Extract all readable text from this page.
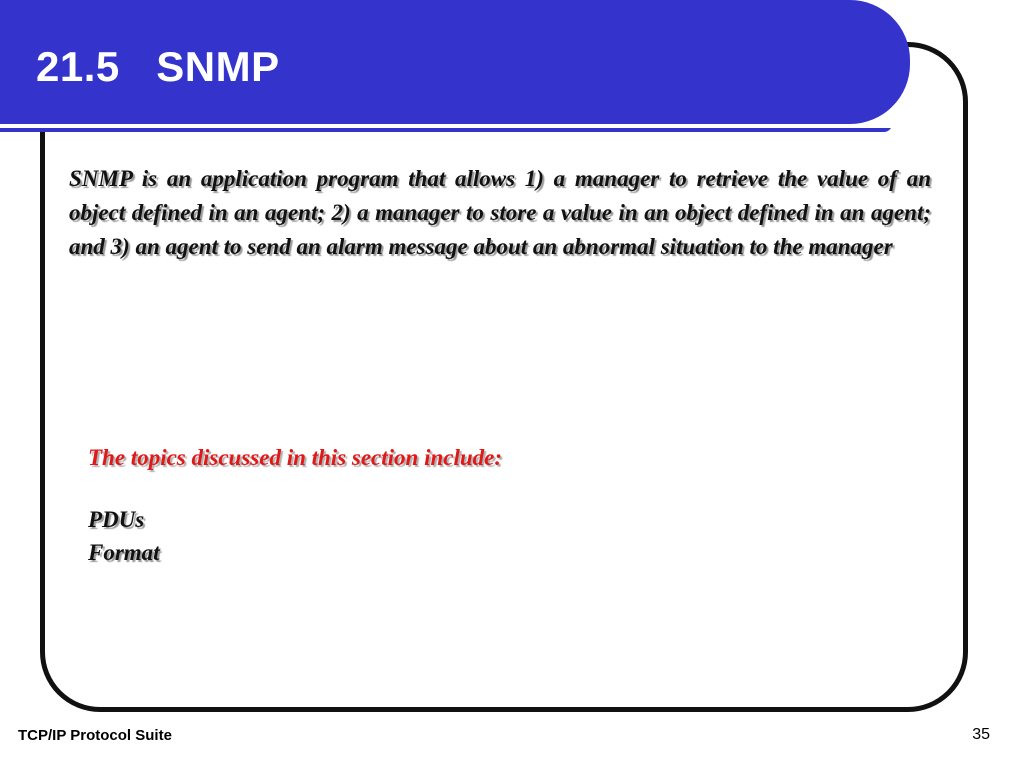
21.5   SNMP

SNMP is an application program that allows 1) a manager to retrieve the value of an object defined in an agent; 2) a manager to store a value in an object defined in an agent; and 3) an agent to send an alarm message about an abnormal situation to the manager

The topics discussed in this section include:

PDUs
Format
TCP/IP Protocol Suite	35
